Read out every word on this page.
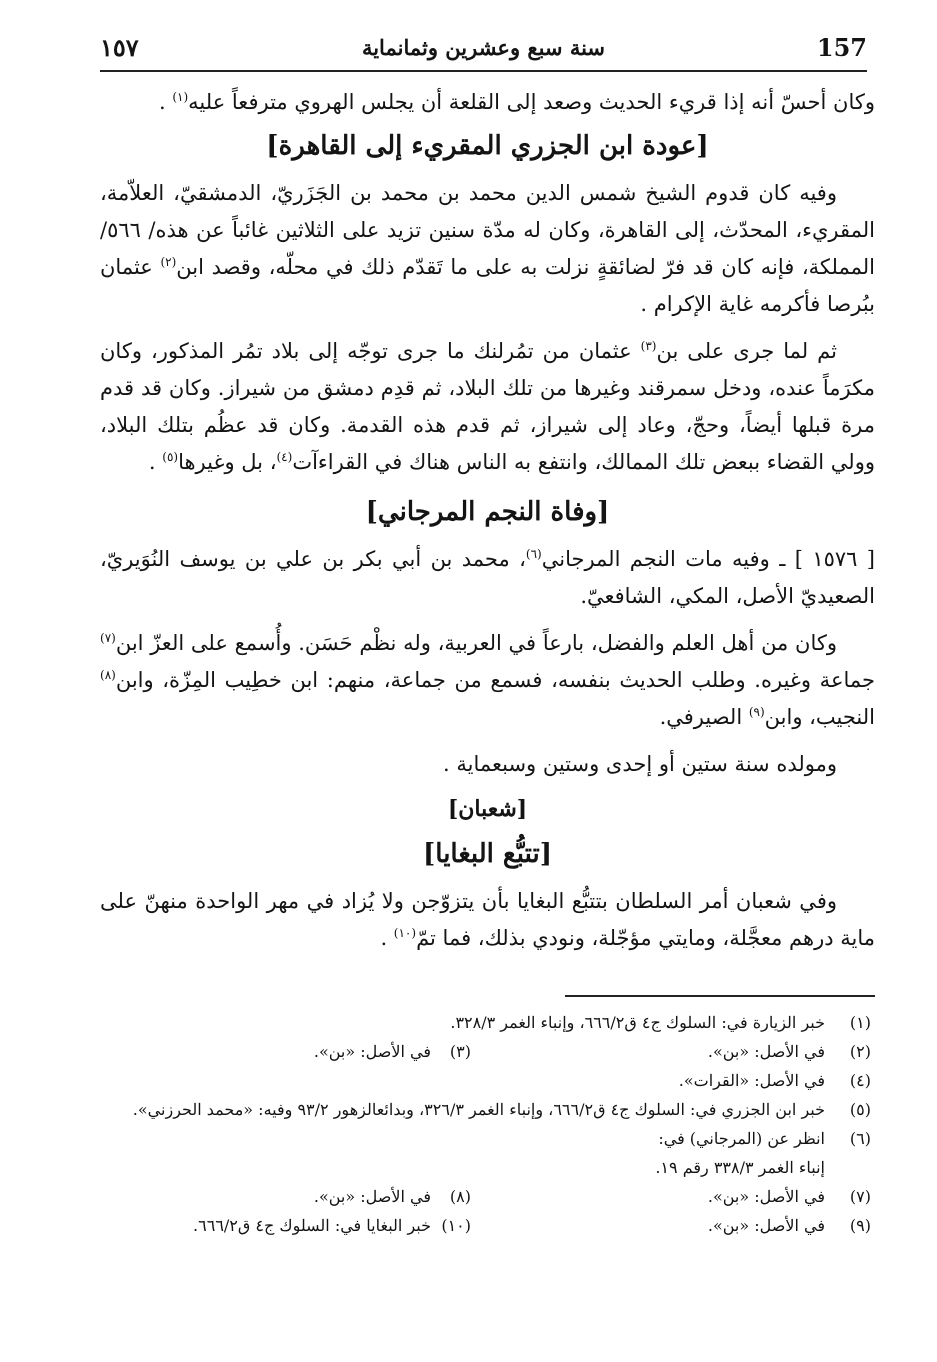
157
سنة سبع وعشرين وثمانماية
١٥٧

وكان أحسّ أنه إذا قريء الحديث وصعد إلى القلعة أن يجلس الهروي مترفعاً عليه$^{(١)}$ .

[عودة ابن الجزري المقريء إلى القاهرة]

وفيه كان قدوم الشيخ شمس الدين محمد بن محمد بن الجَزَريّ، الدمشقيّ، العلاّمة، المقريء، المحدّث، إلى القاهرة، وكان له مدّة سنين تزيد على الثلاثين غائباً عن هذه/ ٥٦٦/ المملكة، فإنه كان قد فرّ لضائقةٍ نزلت به على ما تَقدّم ذلك في محلّه، وقصد ابن$^{(٢)}$ عثمان ببُرصا فأكرمه غاية الإكرام .

ثم لما جرى على بن$^{(٣)}$ عثمان من تمُرلنك ما جرى توجّه إلى بلاد تمُر المذكور، وكان مكرَماً عنده، ودخل سمرقند وغيرها من تلك البلاد، ثم قدِم دمشق من شيراز. وكان قد قدم مرة قبلها أيضاً، وحجّ، وعاد إلى شيراز، ثم قدم هذه القدمة. وكان قد عظُم بتلك البلاد، وولي القضاء ببعض تلك الممالك، وانتفع به الناس هناك في القراءآت$^{(٤)}$، بل وغيرها$^{(٥)}$ .

[وفاة النجم المرجاني]

[ ١٥٧٦ ] ـ وفيه مات النجم المرجاني$^{(٦)}$، محمد بن أبي بكر بن علي بن يوسف النُوَيريّ، الصعيديّ الأصل، المكي، الشافعيّ.

وكان من أهل العلم والفضل، بارعاً في العربية، وله نظْم حَسَن. وأُسمع على العزّ ابن$^{(٧)}$ جماعة وغيره. وطلب الحديث بنفسه، فسمع من جماعة، منهم: ابن خطِيب المِزّة، وابن$^{(٨)}$ النجيب، وابن$^{(٩)}$ الصيرفي.

ومولده سنة ستين أو إحدى وستين وسبعماية .

[شعبان]
[تتبُّع البغايا]

وفي شعبان أمر السلطان بتتبُّع البغايا بأن يتزوّجن ولا يُزاد في مهر الواحدة منهنّ على ماية درهم معجَّلة، ومايتي مؤجّلة، ونودي بذلك، فما تمّ$^{(١٠)}$ .

(١)
خبر الزيارة في: السلوك ج٤ ق٦٦٦/٢، وإنباء الغمر ٣٢٨/٣.
(٢)
في الأصل: «بن».
(٣)
في الأصل: «بن».
(٤)
في الأصل: «القرات».
(٥)
خبر ابن الجزري في: السلوك ج٤ ق٦٦٦/٢، وإنباء الغمر ٣٢٦/٣، وبدائعالزهور ٩٣/٢ وفيه: «محمد الحرزني».
(٦)
انظر عن (المرجاني) في:
إنباء الغمر ٣٣٨/٣ رقم ١٩.
(٧)
في الأصل: «بن».
(٨)
في الأصل: «بن».
(٩)
في الأصل: «بن».
(١٠)
خبر البغايا في: السلوك ج٤ ق٦٦٦/٢.
